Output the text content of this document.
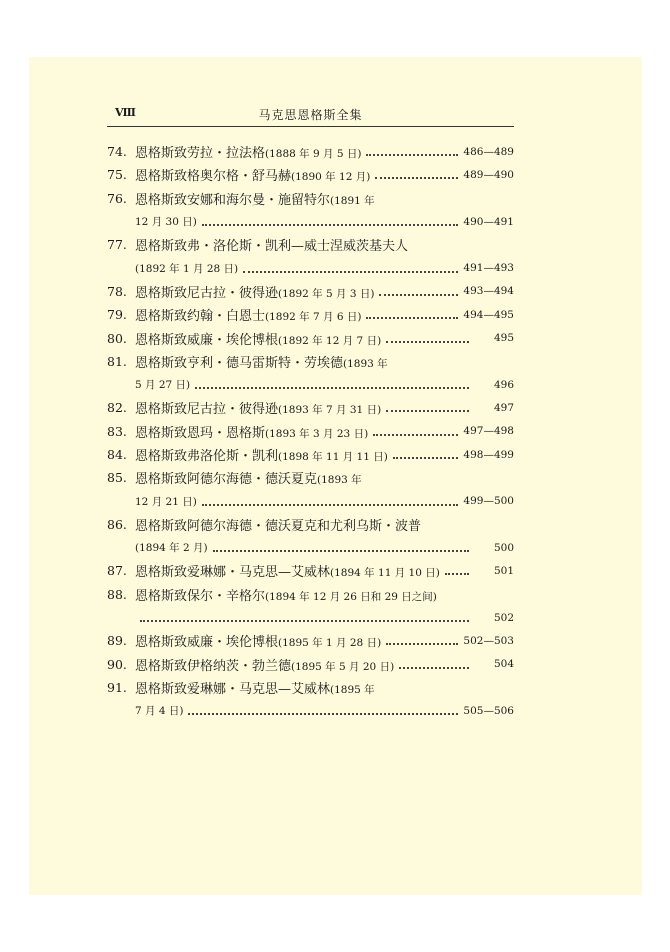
Ⅷ	马克思恩格斯全集
74. 恩格斯致劳拉・拉法格(1888 年 9 月 5 日)	486—489
75. 恩格斯致格奥尔格・舒马赫(1890 年 12 月)	489—490
76. 恩格斯致安娜和海尔曼・施留特尔(1891 年
12 月 30 日)	490—491
77. 恩格斯致弗・洛伦斯・凯利—威士涅威茨基夫人
(1892 年 1 月 28 日)	491—493
78. 恩格斯致尼古拉・彼得逊(1892 年 5 月 3 日)	493—494
79. 恩格斯致约翰・白恩士(1892 年 7 月 6 日)	494—495
80. 恩格斯致威廉・埃伦博根(1892 年 12 月 7 日)	495
81. 恩格斯致亨利・德马雷斯特・劳埃德(1893 年
5 月 27 日)	496
82. 恩格斯致尼古拉・彼得逊(1893 年 7 月 31 日)	497
83. 恩格斯致恩玛・恩格斯(1893 年 3 月 23 日)	497—498
84. 恩格斯致弗洛伦斯・凯利(1898 年 11 月 11 日)	498—499
85. 恩格斯致阿德尔海德・德沃夏克(1893 年
12 月 21 日)	499—500
86. 恩格斯致阿德尔海德・德沃夏克和尤利乌斯・波普
(1894 年 2 月)	500
87. 恩格斯致爱琳娜・马克思—艾威林(1894 年 11 月 10 日)	501
88. 恩格斯致保尔・辛格尔(1894 年 12 月 26 日和 29 日之间)
502
89. 恩格斯致威廉・埃伦博根(1895 年 1 月 28 日)	502—503
90. 恩格斯致伊格纳茨・勃兰德(1895 年 5 月 20 日)	504
91. 恩格斯致爱琳娜・马克思—艾威林(1895 年
7 月 4 日)	505—506
